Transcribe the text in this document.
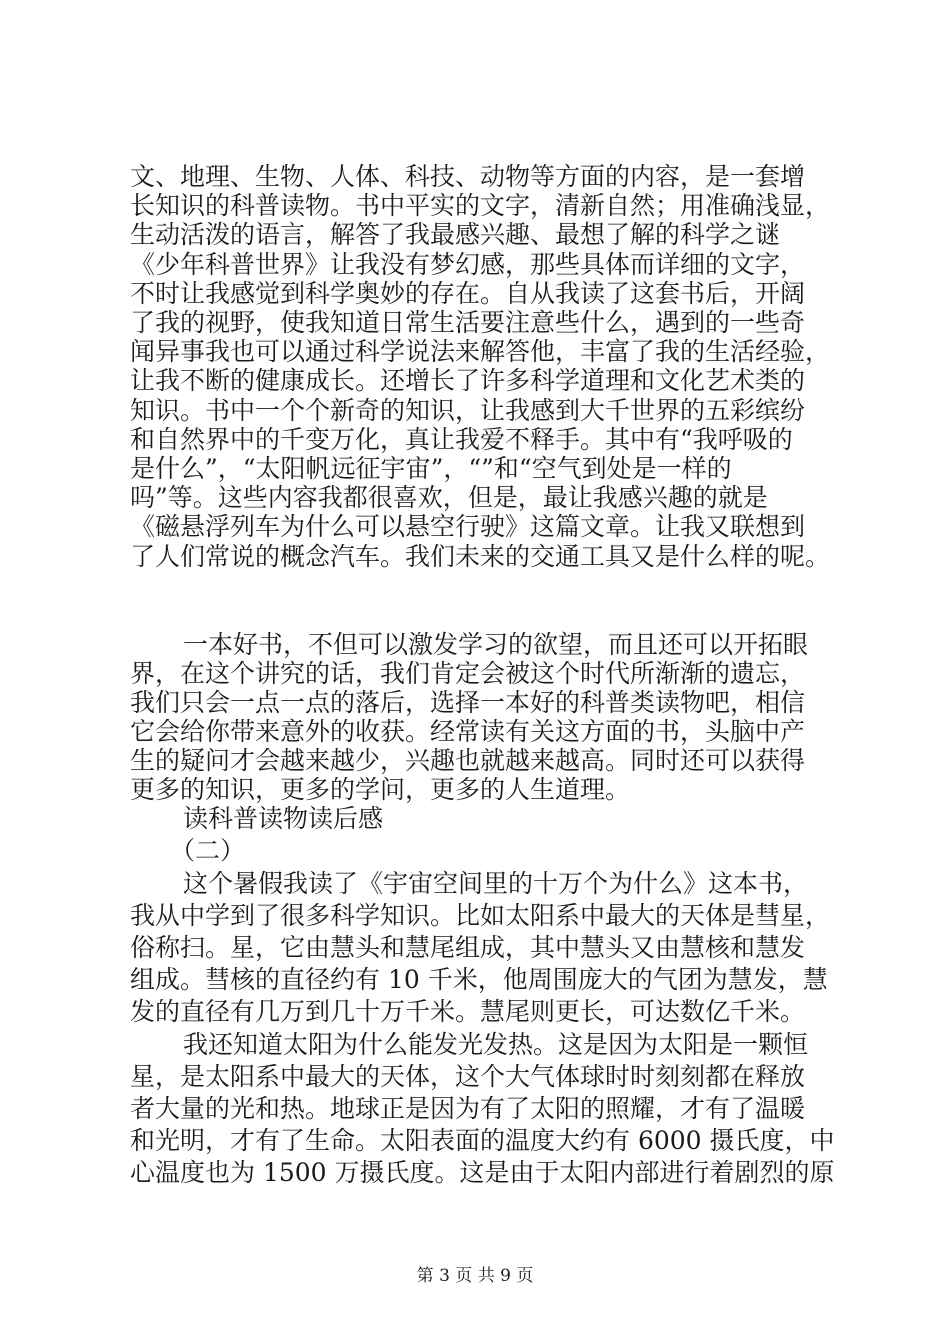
文、地理、生物、人体、科技、动物等方面的内容，是一套增
长知识的科普读物。书中平实的文字，清新自然；用准确浅显，
生动活泼的语言，解答了我最感兴趣、最想了解的科学之谜
《少年科普世界》让我没有梦幻感，那些具体而详细的文字，
不时让我感觉到科学奥妙的存在。自从我读了这套书后，开阔
了我的视野，使我知道日常生活要注意些什么，遇到的一些奇
闻异事我也可以通过科学说法来解答他，丰富了我的生活经验，
让我不断的健康成长。还增长了许多科学道理和文化艺术类的
知识。书中一个个新奇的知识，让我感到大千世界的五彩缤纷
和自然界中的千变万化，真让我爱不释手。其中有“我呼吸的
是什么”，“太阳帆远征宇宙”，“”和“空气到处是一样的
吗”等。这些内容我都很喜欢，但是，最让我感兴趣的就是
《磁悬浮列车为什么可以悬空行驶》这篇文章。让我又联想到
了人们常说的概念汽车。我们未来的交通工具又是什么样的呢。
一本好书，不但可以激发学习的欲望，而且还可以开拓眼
界，在这个讲究的话，我们肯定会被这个时代所渐渐的遗忘，
我们只会一点一点的落后，选择一本好的科普类读物吧，相信
它会给你带来意外的收获。经常读有关这方面的书，头脑中产
生的疑问才会越来越少，兴趣也就越来越高。同时还可以获得
更多的知识，更多的学问，更多的人生道理。
读科普读物读后感
（二）
这个暑假我读了《宇宙空间里的十万个为什么》这本书，
我从中学到了很多科学知识。比如太阳系中最大的天体是彗星，
俗称扫。星，它由慧头和慧尾组成，其中慧头又由慧核和慧发
组成。彗核的直径约有 10 千米，他周围庞大的气团为慧发，慧
发的直径有几万到几十万千米。慧尾则更长，可达数亿千米。
我还知道太阳为什么能发光发热。这是因为太阳是一颗恒
星，是太阳系中最大的天体，这个大气体球时时刻刻都在释放
者大量的光和热。地球正是因为有了太阳的照耀，才有了温暖
和光明，才有了生命。太阳表面的温度大约有 6000 摄氏度，中
第 3 页 共 9 页
心温度也为 1500 万摄氏度。这是由于太阳内部进行着剧烈的原
